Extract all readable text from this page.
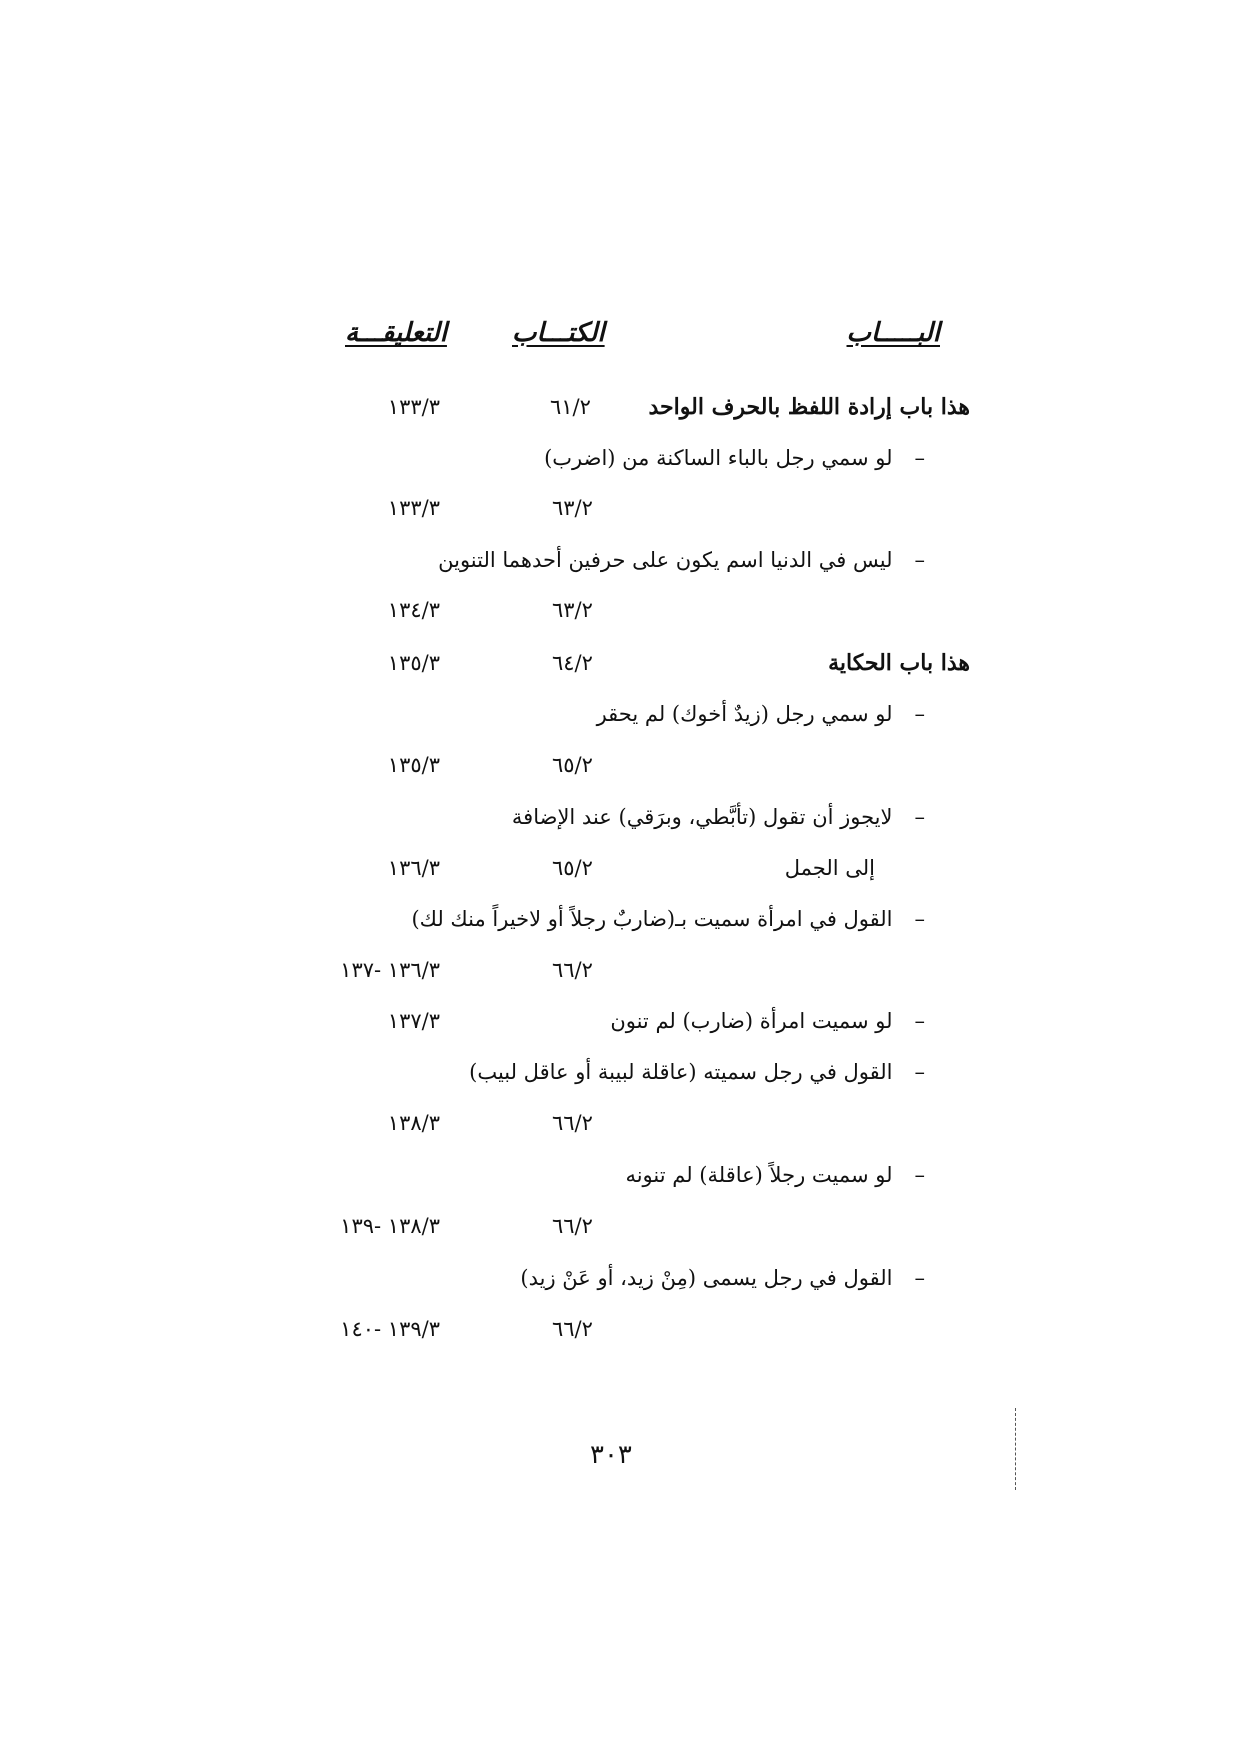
البـــــاب
الكتـــاب
التعليقـــة
هذا باب إرادة اللفظ بالحرف الواحد
٦١/٢
١٣٣/٣
–لو سمي رجل بالباء الساكنة من (اضرب)
٦٣/٢
١٣٣/٣
–ليس في الدنيا اسم يكون على حرفين أحدهما التنوين
٦٣/٢
١٣٤/٣
هذا باب الحكاية
٦٤/٢
١٣٥/٣
–لو سمي رجل (زيدٌ أخوك) لم يحقر
٦٥/٢
١٣٥/٣
–لايجوز أن تقول (تأبَّطي، وبرَقي) عند الإضافة
إلى الجمل
٦٥/٢
١٣٦/٣
–القول في امرأة سميت بـ(ضاربٌ رجلاً أو لاخيراً منك لك)
٦٦/٢
١٣٦/٣ -١٣٧
–لو سميت امرأة (ضارب) لم تنون
١٣٧/٣
–القول في رجل سميته (عاقلة لبيبة أو عاقل لبيب)
٦٦/٢
١٣٨/٣
–لو سميت رجلاً (عاقلة) لم تنونه
٦٦/٢
١٣٨/٣ -١٣٩
–القول في رجل يسمى (مِنْ زيد، أو عَنْ زيد)
٦٦/٢
١٣٩/٣ -١٤٠
٣٠٣
